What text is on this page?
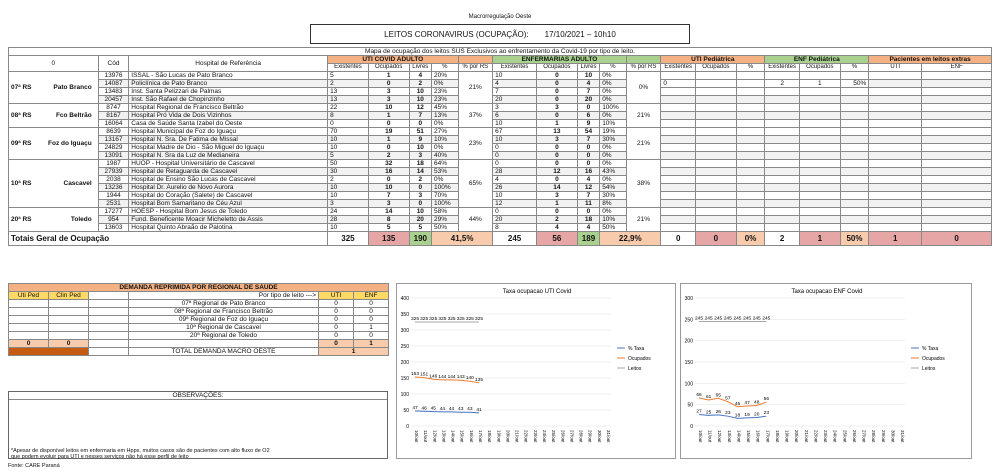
Macrorregulação Oeste
LEITOS CORONAVIRUS (OCUPAÇÃO): 17/10/2021 – 10h10
Mapa de ocupação dos leitos SUS Exclusivos ao enfrentamento da Covid-19 por tipo de leito.																				
0	Cód	Hospital de Referência	UTI COVID ADULTO					ENFERMARIAS ADULTO					UTI Pediátrica			ENF Pediátrica			Pacientes em leitos extras	
			Existentes	Ocupados	Livres	%	% por RS	Existentes	Ocupados	Livres	%	% por RS	Existentes	Ocupados	%	Existentes	Ocupados	%	UTI	ENF
07ª RS Pato Branco	13976	ISSAL - São Lucas de Pato Branco	5	1	4	20%	21%	10	0	10	0%	0%								
	14087	Policlínica de Pato Branco	2	0	2	0%		4	0	4	0%		0			2	1	50%		
	13483	Inst. Santa Pelizzari de Palmas	13	3	10	23%		7	0	7	0%									
	20457	Inst. São Rafael de Chopinzinho	13	3	10	23%		20	0	20	0%									
08ª RS Fco Beltrão	8747	Hospital Regional de Francisco Beltrão	22	10	12	45%	37%	3	3	0	100%	21%								
	8167	Hospital Pró Vida de Dois Vizinhos	8	1	7	13%		6	0	6	0%									
	16064	Casa de Saúde Santa Izabel do Oeste	0	0	0	0%		10	1	9	10%									
09ª RS Foz do Iguaçu	8639	Hospital Municipal de Foz do Iguaçu	70	19	51	27%	23%	67	13	54	19%	21%								
	13167	Hospital N. Sra. De Fatima de Missal	10	1	9	10%		10	3	7	30%									
	24829	Hospital Madre de Dio - São Miguel do Iguaçu	10	0	10	0%		0	0	0	0%									
	13091	Hospital N. Sra da Luz de Medianeira	5	2	3	40%		0	0	0	0%									
10ª RS Cascavel	1987	HUOP - Hospital Universitário de Cascavel	50	32	18	64%	65%	0	0	0	0%	38%								
	27939	Hospital de Retaguarda de Cascavel	30	16	14	53%		28	12	16	43%									
	2038	Hospital de Ensino São Lucas de Cascavel	2	0	2	0%		4	0	4	0%									
	13236	Hospital Dr. Aurelio de Novo Aurora	10	10	0	100%		26	14	12	54%									
	1944	Hospital do Coração (Salete) de Cascavel	10	7	3	70%		10	3	7	30%									
	2531	Hospital Bom Samaritano de Céu Azul	3	3	0	100%		12	1	11	8%									
20ª RS Toledo	17277	HOESP - Hospital Bom Jesus de Toledo	24	14	10	58%	44%	0	0	0	0%	21%								
	954	Fund. Beneficente Moacir Micheletto de Assis	28	8	20	29%		20	2	18	10%									
	13603	Hospital Quinto Abraão de Palotina	10	5	5	50%		8	4	4	50%									
Totais Geral de Ocupação			325	135	190	41,5%		245	56	189	22,9%		0	0	0%	2	1	50%	1	0
DEMANDA REPRIMIDA POR REGIONAL DE SAÚDE					
Uti Ped	Clin Ped		Por tipo de leito --->	UTI	ENF
			07ª Regional de Pato Branco	0	0
			08ª Regional de Francisco Beltrão	0	0
			09ª Regional de Foz do Iguaçu	0	0
			10ª Regional de Cascavel	0	1
			20ª Regional de Toledo	0	0
0	0			0	1
			TOTAL DEMANDA MACRO OESTE	1	
OBSERVAÇÕES:
*Apesar de disponível leitos em enfermaria em Hpps, muitos casos são de pacientes com alto fluxo de O2
que podem evoluir para UTI e nesses serviços não há esse perfil de leito
Fonte: CARE Paraná
Taxa ocupacao UTI Covid
0
50
100
150
200
250
300
350
400
10/out 11/out 12/out 13/out 14/out 15/out 16/out 17/out 18/out 19/out 20/out 21/out 22/out 23/out 24/out 25/out 26/out 27/out 28/out 29/out 30/out 31/out
47 46 45 44 44 43 43 41
% Taxa
153 151 146 144 144 143 140 135
Ocupados
325 325 325 325 325 325 325 325
Leitos
Taxa ocupacao ENF Covid
0
50
100
150
200
250
300
10/out 11/out 12/out 13/out 14/out 15/out 16/out 17/out 18/out 19/out 20/out 21/out 22/out 23/out 24/out 25/out 26/out 27/out 28/out 29/out 30/out 31/out
27 25 26 23 18 19 20 23
% Taxa
66 61 65
57
45 47 48
56
Ocupados
245 245 245 245 245 245 245 245
Leitos
